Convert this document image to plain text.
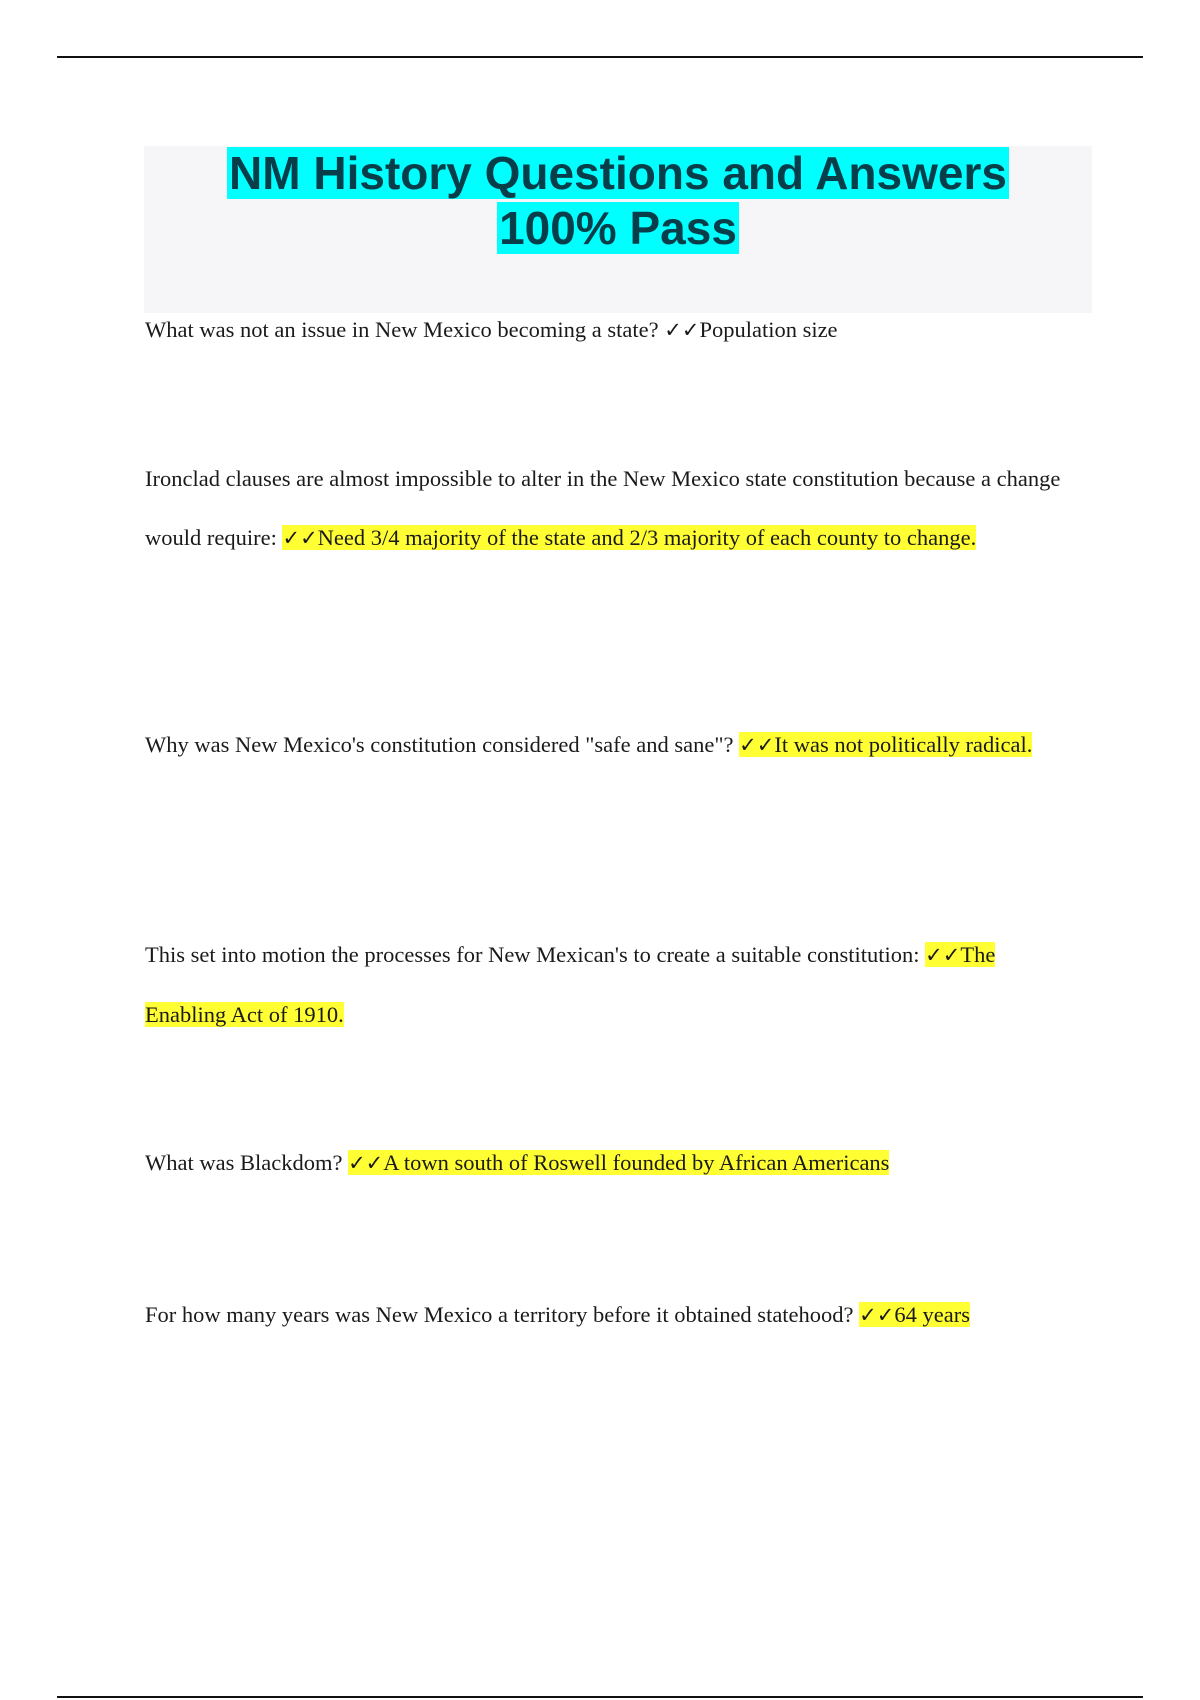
NM History Questions and Answers
100% Pass
What was not an issue in New Mexico becoming a state? ✓✓Population size
Ironclad clauses are almost impossible to alter in the New Mexico state constitution because a change would require: ✓✓Need 3/4 majority of the state and 2/3 majority of each county to change.
Why was New Mexico's constitution considered "safe and sane"? ✓✓It was not politically radical.
This set into motion the processes for New Mexican's to create a suitable constitution: ✓✓The Enabling Act of 1910.
What was Blackdom? ✓✓A town south of Roswell founded by African Americans
For how many years was New Mexico a territory before it obtained statehood? ✓✓64 years
